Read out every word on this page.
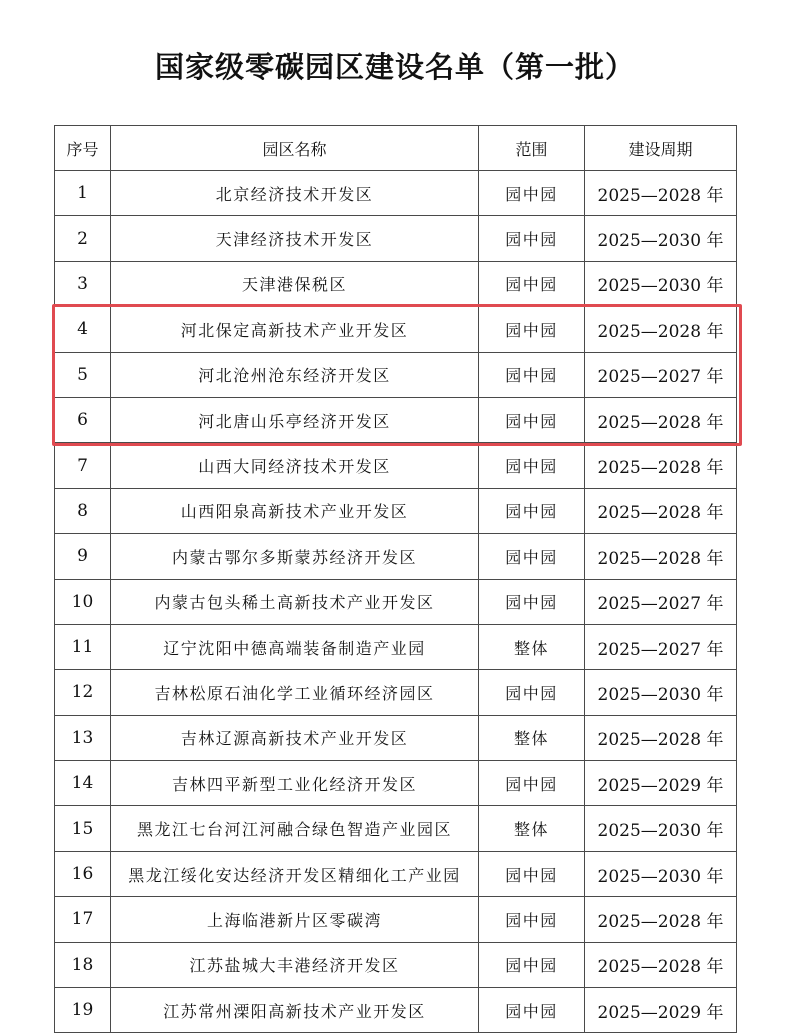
国家级零碳园区建设名单（第一批）
序号	园区名称	范围	建设周期
1	北京经济技术开发区	园中园	2025—2028 年
2	天津经济技术开发区	园中园	2025—2030 年
3	天津港保税区	园中园	2025—2030 年
4	河北保定高新技术产业开发区	园中园	2025—2028 年
5	河北沧州沧东经济开发区	园中园	2025—2027 年
6	河北唐山乐亭经济开发区	园中园	2025—2028 年
7	山西大同经济技术开发区	园中园	2025—2028 年
8	山西阳泉高新技术产业开发区	园中园	2025—2028 年
9	内蒙古鄂尔多斯蒙苏经济开发区	园中园	2025—2028 年
10	内蒙古包头稀土高新技术产业开发区	园中园	2025—2027 年
11	辽宁沈阳中德高端装备制造产业园	整体	2025—2027 年
12	吉林松原石油化学工业循环经济园区	园中园	2025—2030 年
13	吉林辽源高新技术产业开发区	整体	2025—2028 年
14	吉林四平新型工业化经济开发区	园中园	2025—2029 年
15	黑龙江七台河江河融合绿色智造产业园区	整体	2025—2030 年
16	黑龙江绥化安达经济开发区精细化工产业园	园中园	2025—2030 年
17	上海临港新片区零碳湾	园中园	2025—2028 年
18	江苏盐城大丰港经济开发区	园中园	2025—2028 年
19	江苏常州溧阳高新技术产业开发区	园中园	2025—2029 年
